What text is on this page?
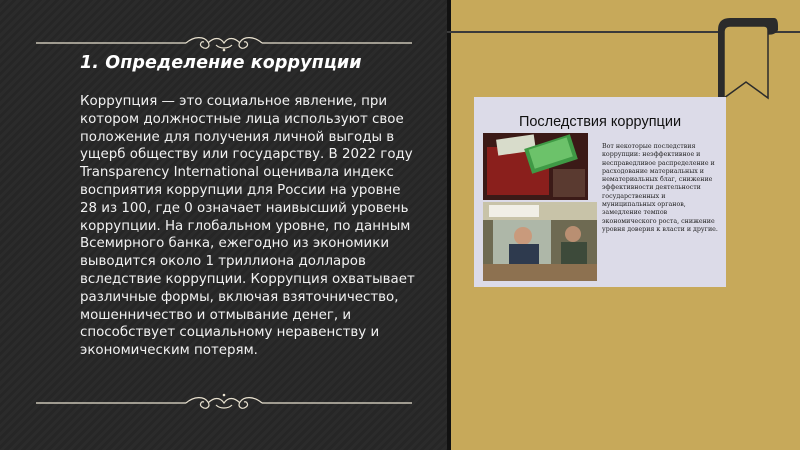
1. Определение коррупции

Коррупция — это социальное явление, при котором должностные лица используют свое положение для получения личной выгоды в ущерб обществу или государству. В 2022 году Transparency International оценивала индекс восприятия коррупции для России на уровне 28 из 100, где 0 означает наивысший уровень коррупции. На глобальном уровне, по данным Всемирного банка, ежегодно из экономики выводится около 1 триллиона долларов вследствие коррупции. Коррупция охватывает различные формы, включая взяточничество, мошенничество и отмывание денег, и способствует социальному неравенству и экономическим потерям.

Последствия коррупции

Вот некоторые последствия коррупции: неэффективное и несправедливое распределение и расходование материальных и нематериальных благ, снижение эффективности деятельности государственных и муниципальных органов, замедление темпов экономического роста, снижение уровня доверия к власти и другие.
